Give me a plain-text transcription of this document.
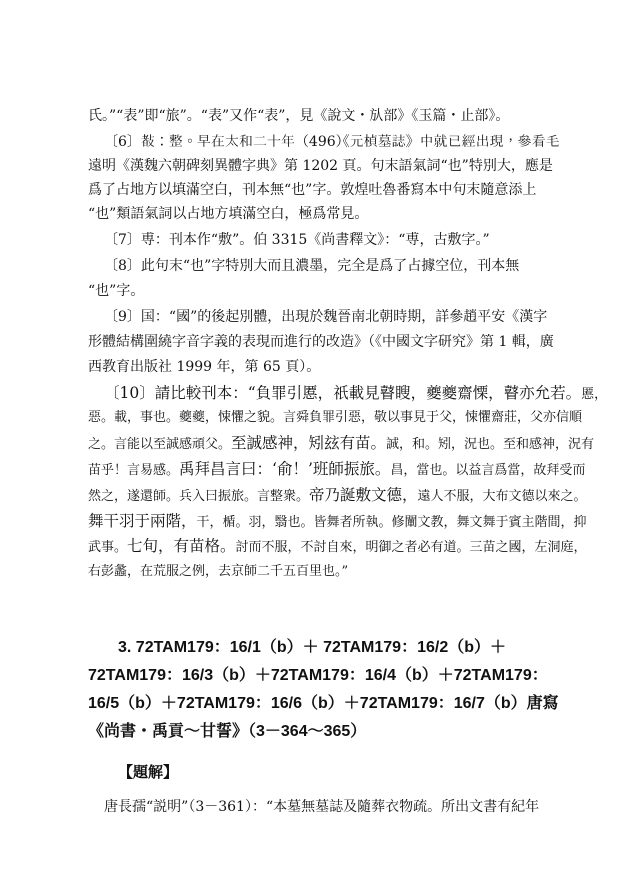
氏。”“表”即“旅”。“表”又作“表”，見《說文・㫃部》《玉篇・止部》。
〔6〕𢾀：整。早在太和二十年（496）《元楨墓誌》中就已經出現，參看毛
遠明《漢魏六朝碑刻異體字典》第 1202 頁。句末語氣詞“也”特別大，應是
爲了占地方以填滿空白，刊本無“也”字。敦煌吐魯番寫本中句末隨意添上
“也”類語氣詞以占地方填滿空白，極爲常見。
〔7〕尃：刊本作“敷”。伯 3315《尚書釋文》：“尃，古敷字。”
〔8〕此句末“也”字特別大而且濃墨，完全是爲了占據空位，刊本無
“也”字。
〔9〕国：“國”的後起別體，出現於魏晉南北朝時期，詳參趙平安《漢字
形體結構圍繞字音字義的表現而進行的改造》（《中國文字研究》第 1 輯，廣
西教育出版社 1999 年，第 65 頁）。
〔10〕請比較刊本：“負罪引慝，祇載見瞽瞍，夔夔齋慄，瞽亦允若。慝，
惡。載，事也。夔夔，悚懼之貌。言舜負罪引惡，敬以事見于父，悚懼齋莊，父亦信順
之。言能以至誠感頑父。至誠感神，矧玆有苗。誠，和。矧，況也。至和感神，況有
苗乎！言易感。禹拜昌言曰：‘俞！’班師振旅。昌，當也。以益言爲當，故拜受而
然之，遂還師。兵入曰振旅。言整衆。帝乃誕敷文德，遠人不服，大布文德以來之。
舞干羽于兩階，干，楯。羽，翳也。皆舞者所執。修闡文教，舞文舞于賓主階間，抑
武事。七旬，有苗格。討而不服，不討自來，明御之者必有道。三苗之國，左洞庭，
右彭蠡，在荒服之例，去京師二千五百里也。”
3. 72TAM179：16/1（b）＋ 72TAM179：16/2（b）＋
72TAM179：16/3（b）＋72TAM179：16/4（b）＋72TAM179：
16/5（b）＋72TAM179：16/6（b）＋72TAM179：16/7（b）唐寫
《尚書・禹貢～甘誓》（3－364～365）
【題解】
唐長孺“説明”（3－361）：“本墓無墓誌及隨葬衣物疏。所出文書有紀年
